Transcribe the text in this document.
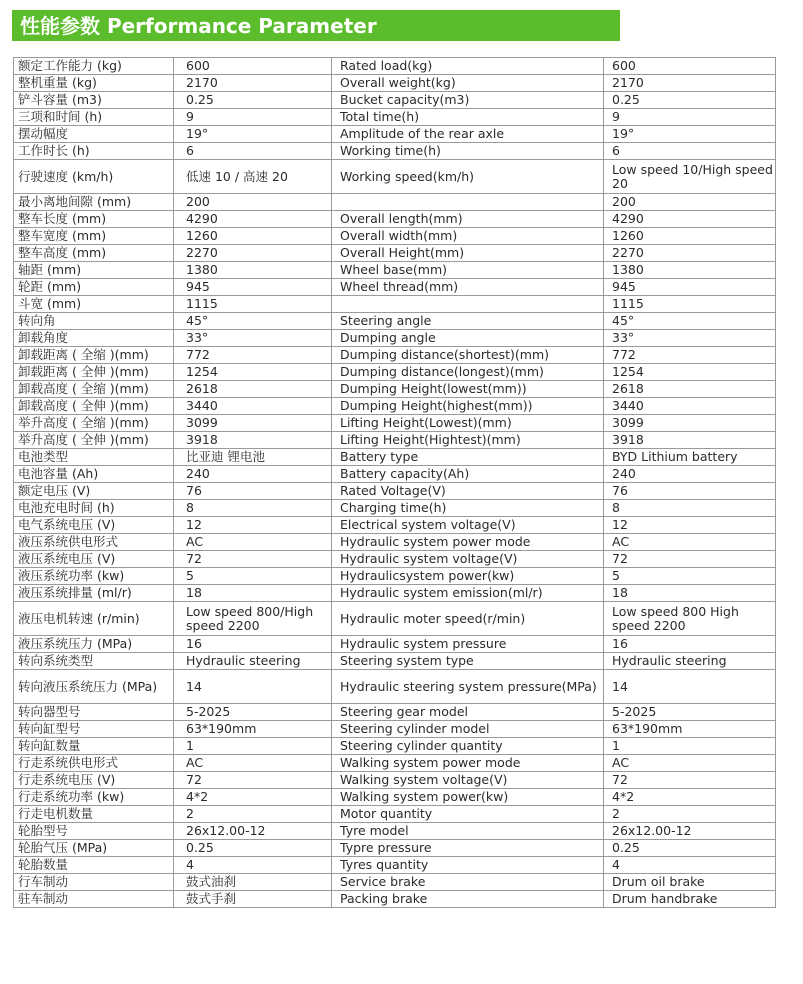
性能参数 Performance Parameter
额定工作能力 (kg)	600	Rated load(kg)	600
整机重量 (kg)	2170	Overall weight(kg)	2170
铲斗容量 (m3)	0.25	Bucket capacity(m3)	0.25
三项和时间 (h)	9	Total time(h)	9
摆动幅度	19°	Amplitude of the rear axle	19°
工作时长 (h)	6	Working time(h)	6
行驶速度 (km/h)	低速 10 / 高速 20	Working speed(km/h)	Low speed 10/High speed 20
最小离地间隙 (mm)	200		200
整车长度 (mm)	4290	Overall length(mm)	4290
整车宽度 (mm)	1260	Overall width(mm)	1260
整车高度 (mm)	2270	Overall Height(mm)	2270
轴距 (mm)	1380	Wheel base(mm)	1380
轮距 (mm)	945	Wheel thread(mm)	945
斗宽 (mm)	1115		1115
转向角	45°	Steering angle	45°
卸载角度	33°	Dumping angle	33°
卸载距离 ( 全缩 )(mm)	772	Dumping distance(shortest)(mm)	772
卸载距离 ( 全伸 )(mm)	1254	Dumping distance(longest)(mm)	1254
卸载高度 ( 全缩 )(mm)	2618	Dumping Height(lowest(mm))	2618
卸载高度 ( 全伸 )(mm)	3440	Dumping Height(highest(mm))	3440
举升高度 ( 全缩 )(mm)	3099	Lifting Height(Lowest)(mm)	3099
举升高度 ( 全伸 )(mm)	3918	Lifting Height(Hightest)(mm)	3918
电池类型	比亚迪 锂电池	Battery type	BYD Lithium battery
电池容量 (Ah)	240	Battery capacity(Ah)	240
额定电压 (V)	76	Rated Voltage(V)	76
电池充电时间 (h)	8	Charging time(h)	8
电气系统电压 (V)	12	Electrical system voltage(V)	12
液压系统供电形式	AC	Hydraulic system power mode	AC
液压系统电压 (V)	72	Hydraulic system voltage(V)	72
液压系统功率 (kw)	5	Hydraulicsystem power(kw)	5
液压系统排量 (ml/r)	18	Hydraulic system emission(ml/r)	18
液压电机转速 (r/min)	Low speed 800/High speed 2200	Hydraulic moter speed(r/min)	Low speed 800 High speed 2200
液压系统压力 (MPa)	16	Hydraulic system pressure	16
转向系统类型	Hydraulic steering	Steering system type	Hydraulic steering
转向液压系统压力 (MPa)	14	Hydraulic steering system pressure(MPa)	14
转向器型号	5-2025	Steering gear model	5-2025
转向缸型号	63*190mm	Steering cylinder model	63*190mm
转向缸数量	1	Steering cylinder quantity	1
行走系统供电形式	AC	Walking system power mode	AC
行走系统电压 (V)	72	Walking system voltage(V)	72
行走系统功率 (kw)	4*2	Walking system power(kw)	4*2
行走电机数量	2	Motor quantity	2
轮胎型号	26x12.00-12	Tyre model	26x12.00-12
轮胎气压 (MPa)	0.25	Typre pressure	0.25
轮胎数量	4	Tyres quantity	4
行车制动	鼓式油刹	Service brake	Drum oil brake
驻车制动	鼓式手刹	Packing brake	Drum handbrake
